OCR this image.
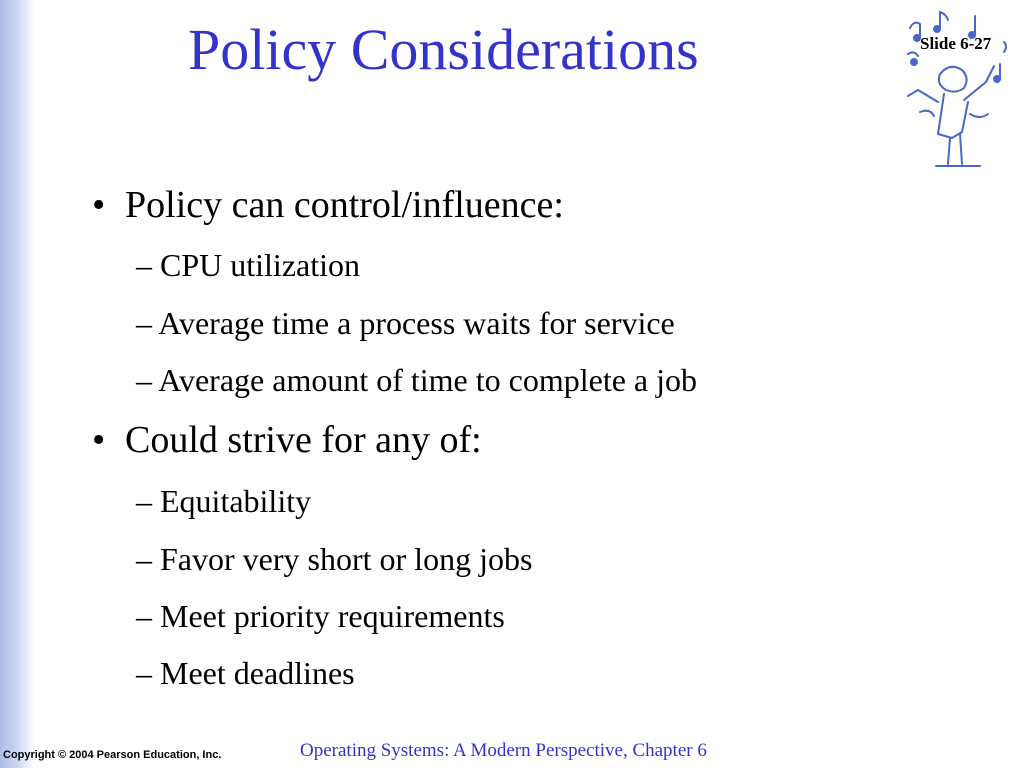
Policy Considerations	Slide 6-27
• Policy can control/influence:
– CPU utilization
– Average time a process waits for service
– Average amount of time to complete a job
• Could strive for any of:
– Equitability
– Favor very short or long jobs
– Meet priority requirements
– Meet deadlines
Copyright © 2004 Pearson Education, Inc.	Operating Systems: A Modern Perspective, Chapter 6
